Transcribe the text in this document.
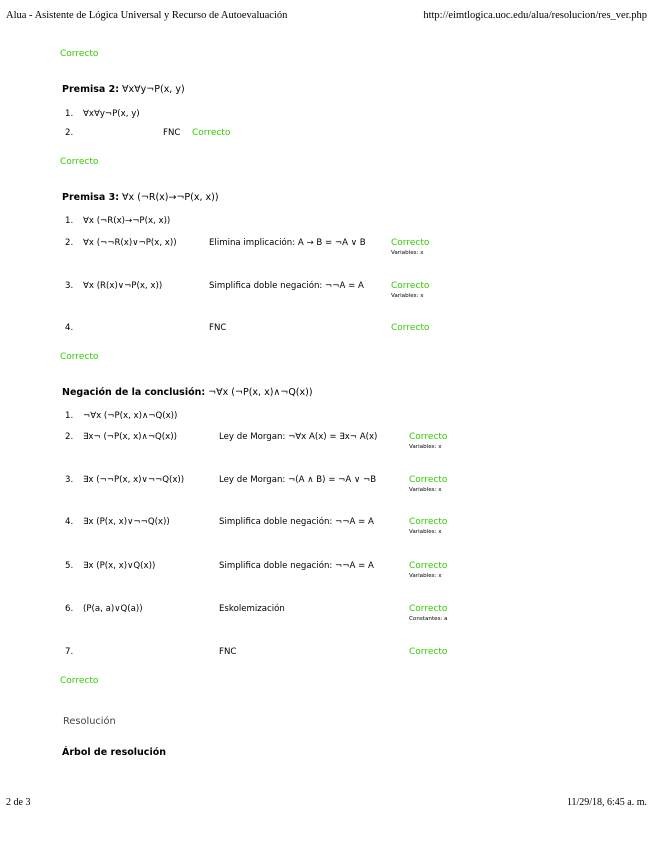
Alua - Asistente de Lógica Universal y Recurso de Autoevaluación	http://eimtlogica.uoc.edu/alua/resolucion/res_ver.php
Correcto
Premisa 2: ∀x∀y¬P(x, y)
1. ∀x∀y¬P(x, y)
2.	FNC Correcto
Correcto
Premisa 3: ∀x (¬R(x)→¬P(x, x))
1. ∀x (¬R(x)→¬P(x, x))
2. ∀x (¬¬R(x)∨¬P(x, x))	Elimina implicación: A → B = ¬A ∨ B	Correcto
Variables: x
3. ∀x (R(x)∨¬P(x, x))	Simplifica doble negación: ¬¬A = A	Correcto
Variables: x
4.	FNC	Correcto
Correcto
Negación de la conclusión: ¬∀x (¬P(x, x)∧¬Q(x))
1. ¬∀x (¬P(x, x)∧¬Q(x))
2. ∃x¬ (¬P(x, x)∧¬Q(x))	Ley de Morgan: ¬∀x A(x) = ∃x¬ A(x)	Correcto
Variables: x
3. ∃x (¬¬P(x, x)∨¬¬Q(x))	Ley de Morgan: ¬(A ∧ B) = ¬A ∨ ¬B	Correcto
Variables: x
4. ∃x (P(x, x)∨¬¬Q(x))	Simplifica doble negación: ¬¬A = A	Correcto
Variables: x
5. ∃x (P(x, x)∨Q(x))	Simplifica doble negación: ¬¬A = A	Correcto
Variables: x
6. (P(a, a)∨Q(a))	Eskolemización	Correcto
Constantes: a
7.	FNC	Correcto
Correcto
Resolución
Árbol de resolución
2 de 3	11/29/18, 6:45 a. m.
